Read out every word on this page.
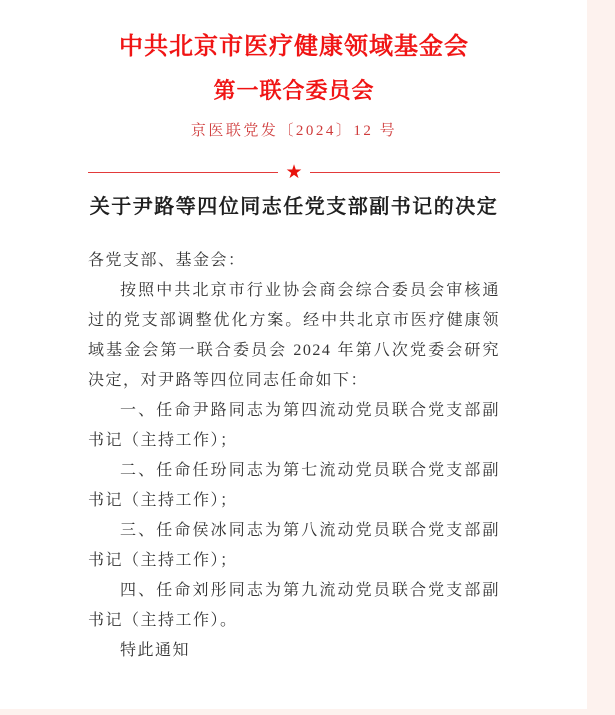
中共北京市医疗健康领域基金会
第一联合委员会
京医联党发〔2024〕12 号
★
关于尹路等四位同志任党支部副书记的决定

各党支部、基金会：

按照中共北京市行业协会商会综合委员会审核通过的党支部调整优化方案。经中共北京市医疗健康领域基金会第一联合委员会 2024 年第八次党委会研究决定，对尹路等四位同志任命如下：

一、任命尹路同志为第四流动党员联合党支部副书记（主持工作）；

二、任命任玢同志为第七流动党员联合党支部副书记（主持工作）；

三、任命侯冰同志为第八流动党员联合党支部副书记（主持工作）；

四、任命刘彤同志为第九流动党员联合党支部副书记（主持工作）。

特此通知
